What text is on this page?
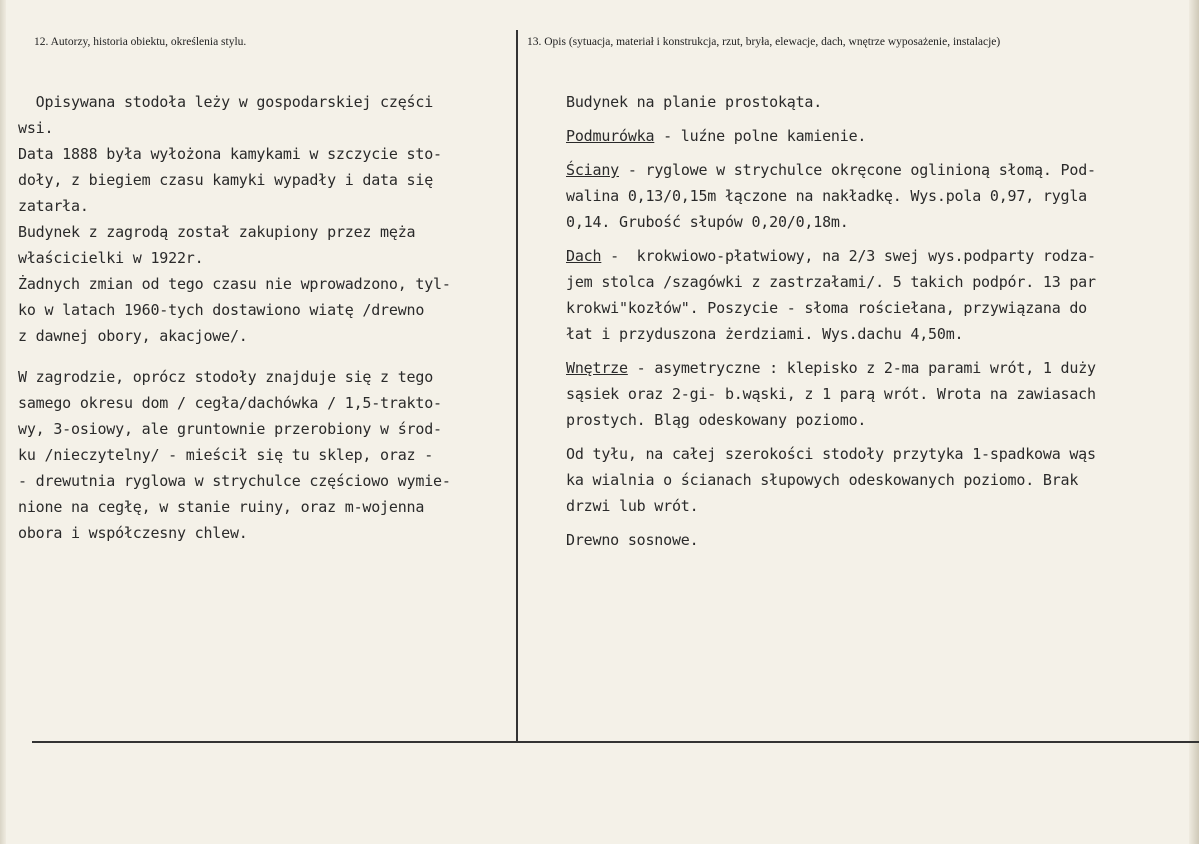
12. Autorzy, historia obiektu, określenia stylu.	13. Opis (sytuacja, materiał i konstrukcja, rzut, bryła, elewacje, dach, wnętrze wyposażenie, instalacje)
Opisywana stodoła leży w gospodarskiej części
wsi.
Data 1888 była wyłożona kamykami w szczycie sto-
doły, z biegiem czasu kamyki wypadły i data się
zatarła.
Budynek z zagrodą został zakupiony przez męża
właścicielki w 1922r.
Żadnych zmian od tego czasu nie wprowadzono, tyl-
ko w latach 1960-tych dostawiono wiatę /drewno
z dawnej obory, akacjowe/.
W zagrodzie, oprócz stodoły znajduje się z tego
samego okresu dom / cegła/dachówka / 1,5-trakto-
wy, 3-osiowy, ale gruntownie przerobiony w środ-
ku /nieczytelny/ - mieścił się tu sklep, oraz -
- drewutnia ryglowa w strychulce częściowo wymie-
nione na cegłę, w stanie ruiny, oraz m-wojenna
obora i współczesny chlew.
Budynek na planie prostokąta.
Podmurówka - luźne polne kamienie.
Ściany - ryglowe w strychulce okręcone oglinioną słomą. Pod-
walina 0,13/0,15m łączone na nakładkę. Wys.pola 0,97, rygla
0,14. Grubość słupów 0,20/0,18m.
Dach -  krokwiowo-płatwiowy, na 2/3 swej wys.podparty rodza-
jem stolca /szagówki z zastrzałami/. 5 takich podpór. 13 par
krokwi"kozłów". Poszycie - słoma rościełana, przywiązana do
łat i przyduszona żerdziami. Wys.dachu 4,50m.
Wnętrze - asymetryczne : klepisko z 2-ma parami wrót, 1 duży
sąsiek oraz 2-gi- b.wąski, z 1 parą wrót. Wrota na zawiasach
prostych. Bląg odeskowany poziomo.
Od tyłu, na całej szerokości stodoły przytyka 1-spadkowa wąs
ka wialnia o ścianach słupowych odeskowanych poziomo. Brak
drzwi lub wrót.
Drewno sosnowe.
